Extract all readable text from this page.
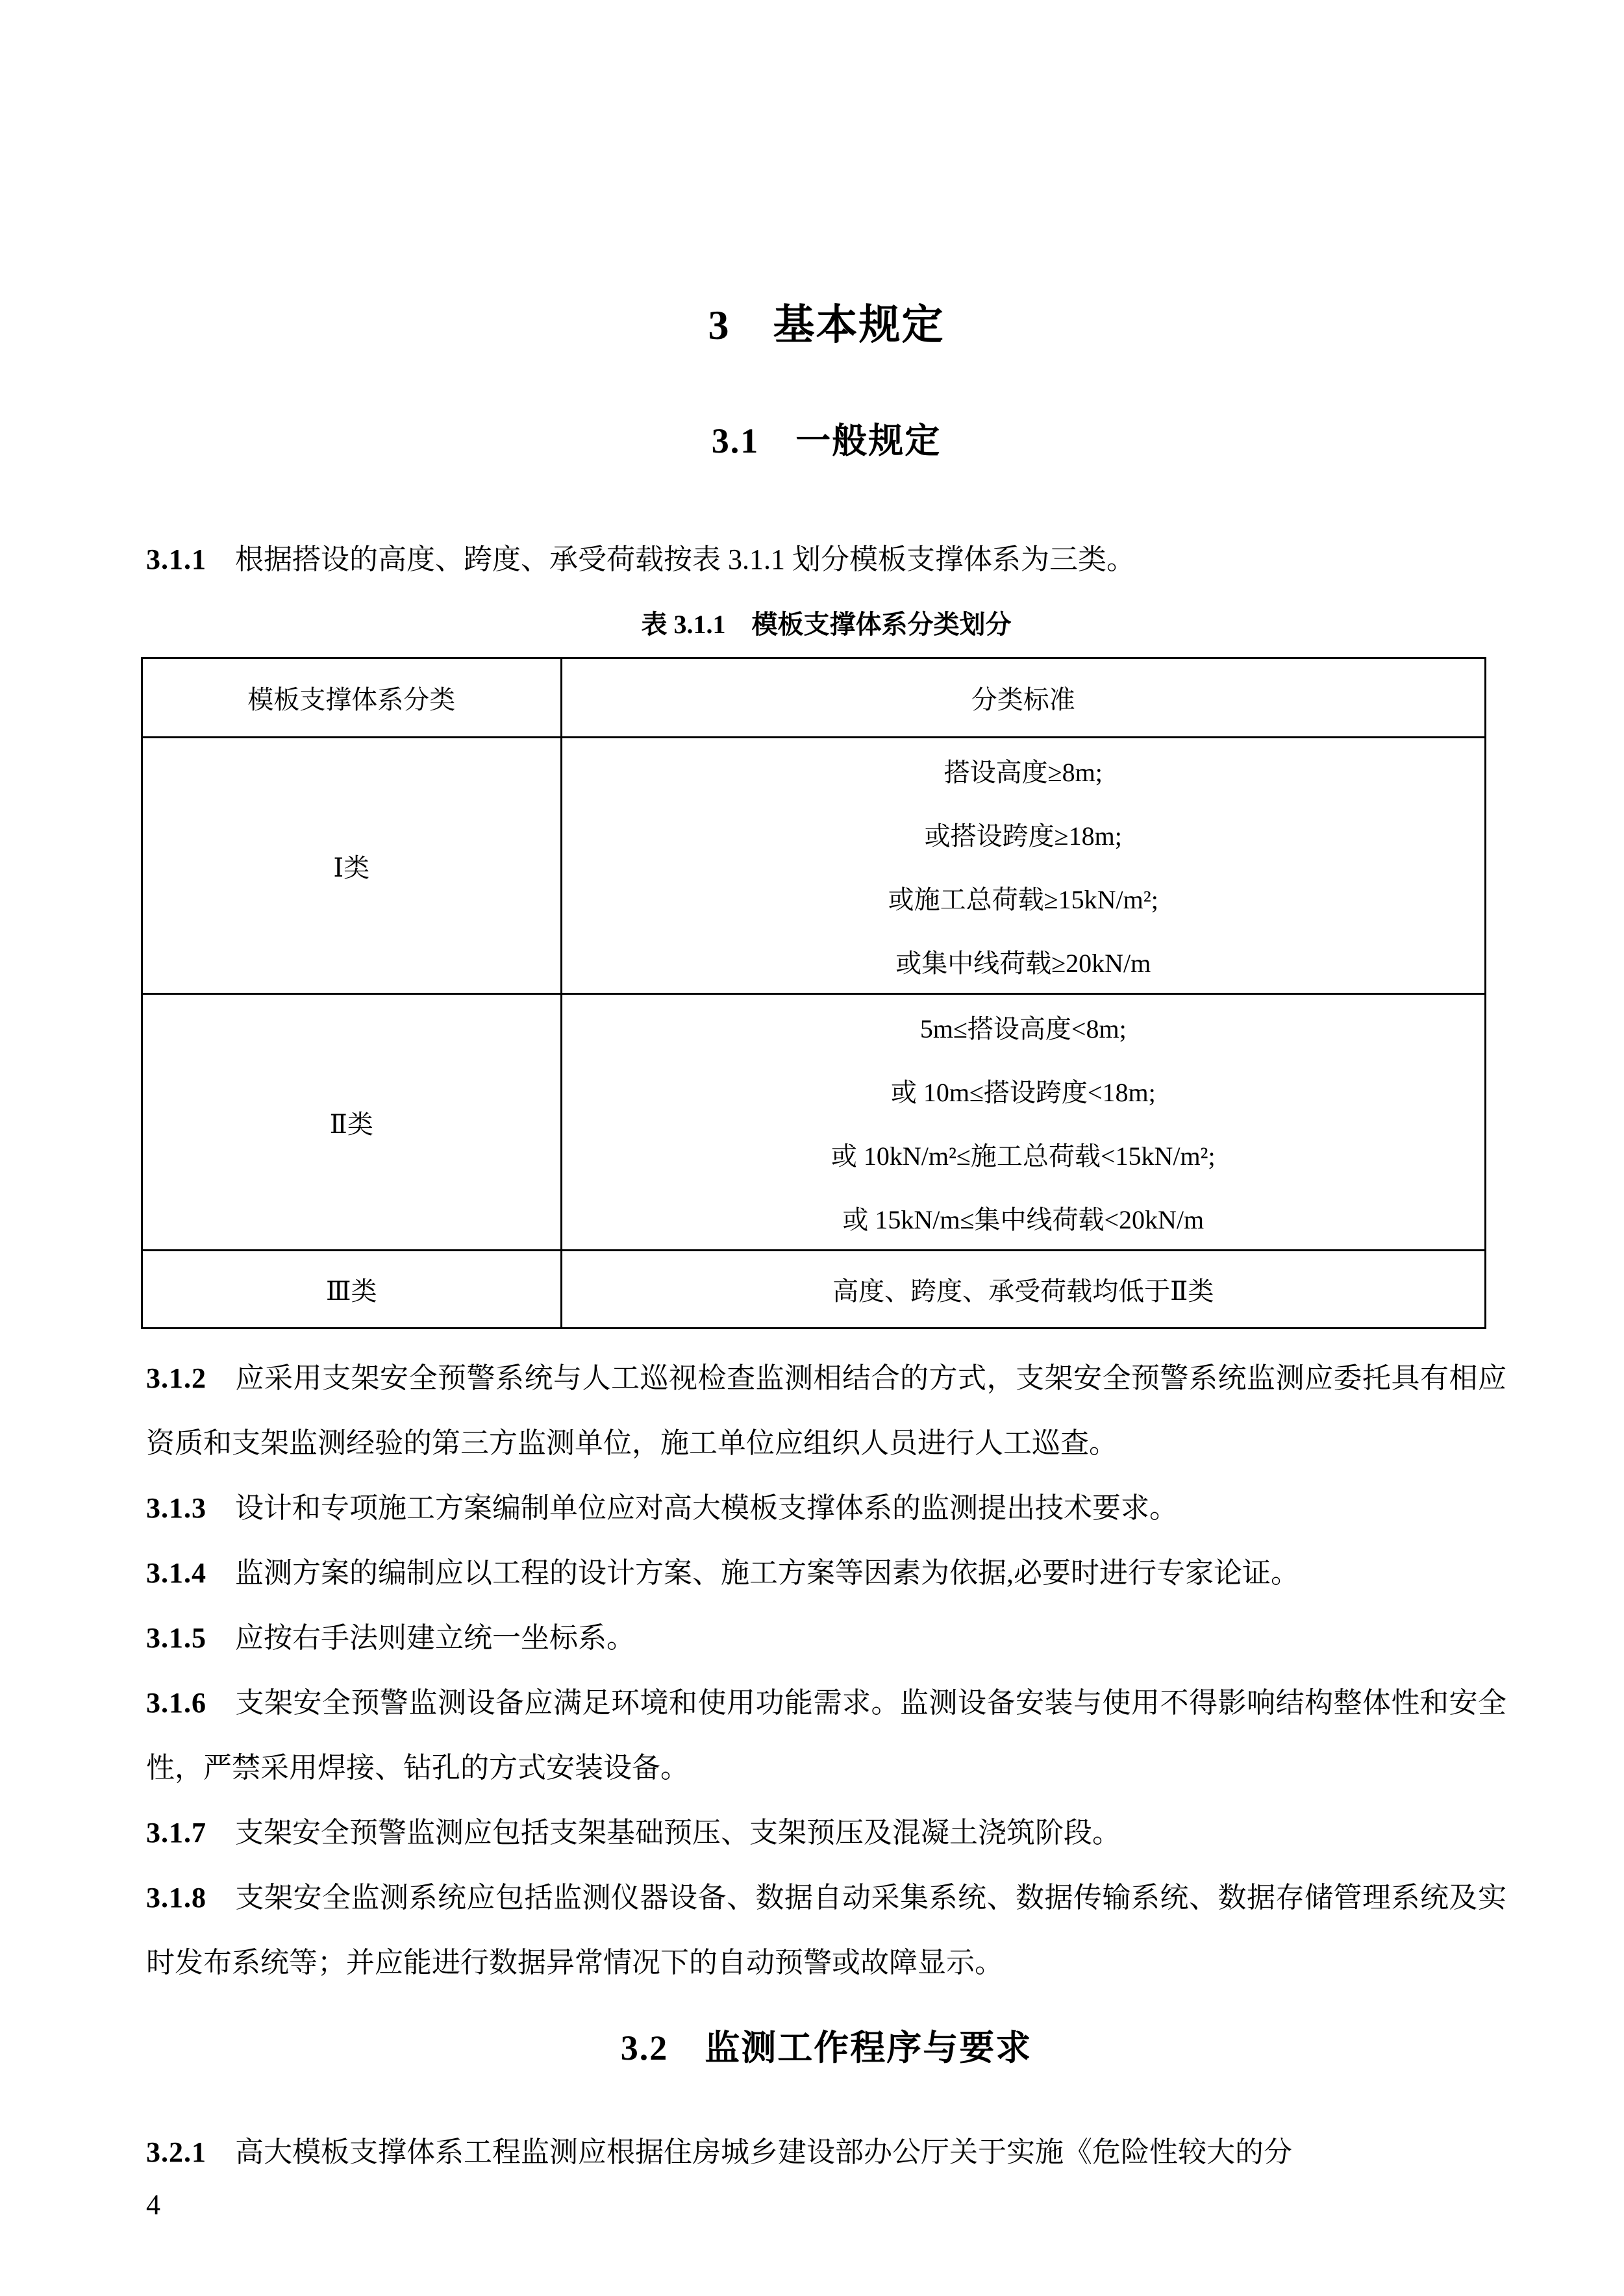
3　基本规定
3.1　一般规定

3.1.1 根据搭设的高度、跨度、承受荷载按表 3.1.1 划分模板支撑体系为三类。

表 3.1.1　模板支撑体系分类划分

模板支撑体系分类	分类标准
Ⅰ类
搭设高度≥8m;
或搭设跨度≥18m;
或施工总荷载≥15kN/m²;
或集中线荷载≥20kN/m
Ⅱ类
5m≤搭设高度<8m;
或 10m≤搭设跨度<18m;
或 10kN/m²≤施工总荷载<15kN/m²;
或 15kN/m≤集中线荷载<20kN/m
Ⅲ类	高度、跨度、承受荷载均低于Ⅱ类

3.1.2 应采用支架安全预警系统与人工巡视检查监测相结合的方式，支架安全预警系统监测应委托具有相应资质和支架监测经验的第三方监测单位，施工单位应组织人员进行人工巡查。

3.1.3 设计和专项施工方案编制单位应对高大模板支撑体系的监测提出技术要求。

3.1.4 监测方案的编制应以工程的设计方案、施工方案等因素为依据,必要时进行专家论证。

3.1.5 应按右手法则建立统一坐标系。

3.1.6 支架安全预警监测设备应满足环境和使用功能需求。监测设备安装与使用不得影响结构整体性和安全性，严禁采用焊接、钻孔的方式安装设备。

3.1.7 支架安全预警监测应包括支架基础预压、支架预压及混凝土浇筑阶段。

3.1.8 支架安全监测系统应包括监测仪器设备、数据自动采集系统、数据传输系统、数据存储管理系统及实时发布系统等；并应能进行数据异常情况下的自动预警或故障显示。

3.2　监测工作程序与要求

3.2.1 高大模板支撑体系工程监测应根据住房城乡建设部办公厅关于实施《危险性较大的分

4
